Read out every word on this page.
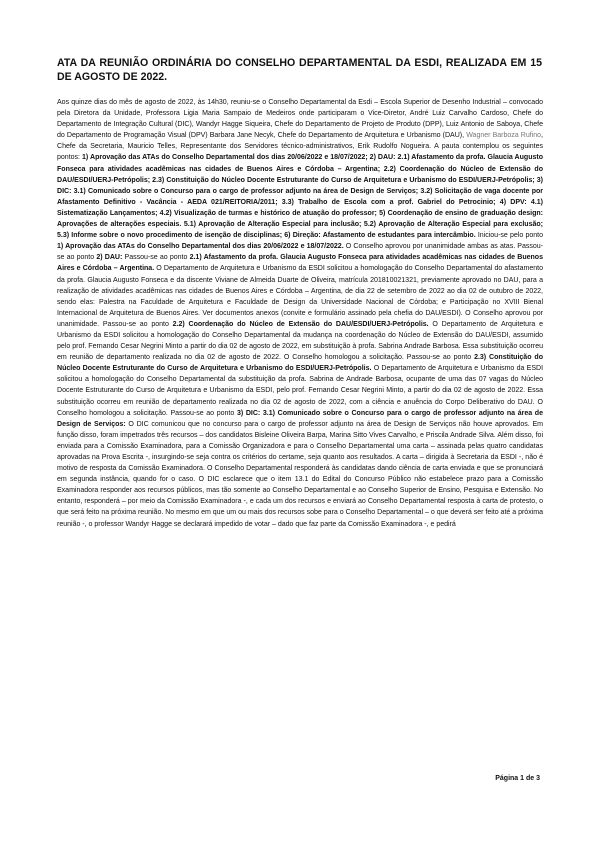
ATA DA REUNIÃO ORDINÁRIA DO CONSELHO DEPARTAMENTAL DA ESDI, REALIZADA EM 15 DE AGOSTO DE 2022.

Aos quinze dias do mês de agosto de 2022, às 14h30, reuniu-se o Conselho Departamental da Esdi – Escola Superior de Desenho Industrial – convocado pela Diretora da Unidade, Professora Ligia Maria Sampaio de Medeiros onde participaram o Vice-Diretor, André Luiz Carvalho Cardoso, Chefe do Departamento de Integração Cultural (DIC), Wandyr Hagge Siqueira, Chefe do Departamento de Projeto de Produto (DPP), Luiz Antonio de Saboya, Chefe do Departamento de Programação Visual (DPV) Barbara Jane Necyk, Chefe do Departamento de Arquitetura e Urbanismo (DAU), Wagner Barboza Rufino, Chefe da Secretaria, Mauricio Telles, Representante dos Servidores técnico-administrativos, Erik Rudolfo Nogueira. A pauta contemplou os seguintes pontos: 1) Aprovação das ATAs do Conselho Departamental dos dias 20/06/2022 e 18/07/2022; 2) DAU: 2.1) Afastamento da profa. Glaucia Augusto Fonseca para atividades acadêmicas nas cidades de Buenos Aires e Córdoba – Argentina; 2.2) Coordenação do Núcleo de Extensão do DAU/ESDI/UERJ-Petrópolis; 2.3) Constituição do Núcleo Docente Estruturante do Curso de Arquitetura e Urbanismo do ESDI/UERJ-Petrópolis; 3) DIC: 3.1) Comunicado sobre o Concurso para o cargo de professor adjunto na área de Design de Serviços; 3.2) Solicitação de vaga docente por Afastamento Definitivo - Vacância - AEDA 021/REITORIA/2011; 3.3) Trabalho de Escola com a prof. Gabriel do Petrocinio; 4) DPV: 4.1) Sistematização Lançamentos; 4.2) Visualização de turmas e histórico de atuação do professor; 5) Coordenação de ensino de graduação design: Aprovações de alterações especiais. 5.1) Aprovação de Alteração Especial para inclusão; 5.2) Aprovação de Alteração Especial para exclusão; 5.3) Informe sobre o novo procedimento de isenção de disciplinas; 6) Direção: Afastamento de estudantes para intercâmbio. Iniciou-se pelo ponto 1) Aprovação das ATAs do Conselho Departamental dos dias 20/06/2022 e 18/07/2022. O Conselho aprovou por unanimidade ambas as atas. Passou-se ao ponto 2) DAU: Passou-se ao ponto 2.1) Afastamento da profa. Glaucia Augusto Fonseca para atividades acadêmicas nas cidades de Buenos Aires e Córdoba – Argentina. O Departamento de Arquitetura e Urbanismo da ESDI solicitou a homologação do Conselho Departamental do afastamento da profa. Glaucia Augusto Fonseca e da discente Viviane de Almeida Duarte de Oliveira, matrícula 201810021321, previamente aprovado no DAU, para a realização de atividades acadêmicas nas cidades de Buenos Aires e Córdoba – Argentina, de dia 22 de setembro de 2022 ao dia 02 de outubro de 2022, sendo elas: Palestra na Faculdade de Arquitetura e Faculdade de Design da Universidade Nacional de Córdoba; e Participação no XVIII Bienal Internacional de Arquitetura de Buenos Aires. Ver documentos anexos (convite e formulário assinado pela chefia do DAU/ESDI). O Conselho aprovou por unanimidade. Passou-se ao ponto 2.2) Coordenação do Núcleo de Extensão do DAU/ESDI/UERJ-Petrópolis. O Departamento de Arquitetura e Urbanismo da ESDI solicitou a homologação do Conselho Departamental da mudança na coordenação do Núcleo de Extensão do DAU/ESDI, assumido pelo prof. Fernando Cesar Negrini Minto a partir do dia 02 de agosto de 2022, em substituição à profa. Sabrina Andrade Barbosa. Essa substituição ocorreu em reunião de departamento realizada no dia 02 de agosto de 2022. O Conselho homologou a solicitação. Passou-se ao ponto 2.3) Constituição do Núcleo Docente Estruturante do Curso de Arquitetura e Urbanismo do ESDI/UERJ-Petrópolis. O Departamento de Arquitetura e Urbanismo da ESDI solicitou a homologação do Conselho Departamental da substituição da profa. Sabrina de Andrade Barbosa, ocupante de uma das 07 vagas do Núcleo Docente Estruturante do Curso de Arquitetura e Urbanismo da ESDI, pelo prof. Fernando Cesar Negrini Minto, a partir do dia 02 de agosto de 2022. Essa substituição ocorreu em reunião de departamento realizada no dia 02 de agosto de 2022, com a ciência e anuência do Corpo Deliberativo do DAU. O Conselho homologou a solicitação. Passou-se ao ponto 3) DIC: 3.1) Comunicado sobre o Concurso para o cargo de professor adjunto na área de Design de Serviços: O DIC comunicou que no concurso para o cargo de professor adjunto na área de Design de Serviços não houve aprovados. Em função disso, foram impetrados três recursos – dos candidatos Bisleine Oliveira Barpa, Marina Sitto Vives Carvalho, e Priscila Andrade Silva. Além disso, foi enviada para a Comissão Examinadora, para a Comissão Organizadora e para o Conselho Departamental uma carta – assinada pelas quatro candidatas aprovadas na Prova Escrita -, insurgindo-se seja contra os critérios do certame, seja quanto aos resultados. A carta – dirigida à Secretaria da ESDI -, não é motivo de resposta da Comissão Examinadora. O Conselho Departamental responderá às candidatas dando ciência de carta enviada e que se pronunciará em segunda instância, quando for o caso. O DIC esclarece que o item 13.1 do Edital do Concurso Público não estabelece prazo para a Comissão Examinadora responder aos recursos públicos, mas tão somente ao Conselho Departamental e ao Conselho Superior de Ensino, Pesquisa e Extensão. No entanto, responderá – por meio da Comissão Examinadora -, e cada um dos recursos e enviará ao Conselho Departamental resposta à carta de protesto, o que será feito na próxima reunião. No mesmo em que um ou mais dos recursos sobe para o Conselho Departamental – o que deverá ser feito até a próxima reunião -, o professor Wandyr Hagge se declarará impedido de votar – dado que faz parte da Comissão Examinadora -, e pedirá

Página 1 de 3
